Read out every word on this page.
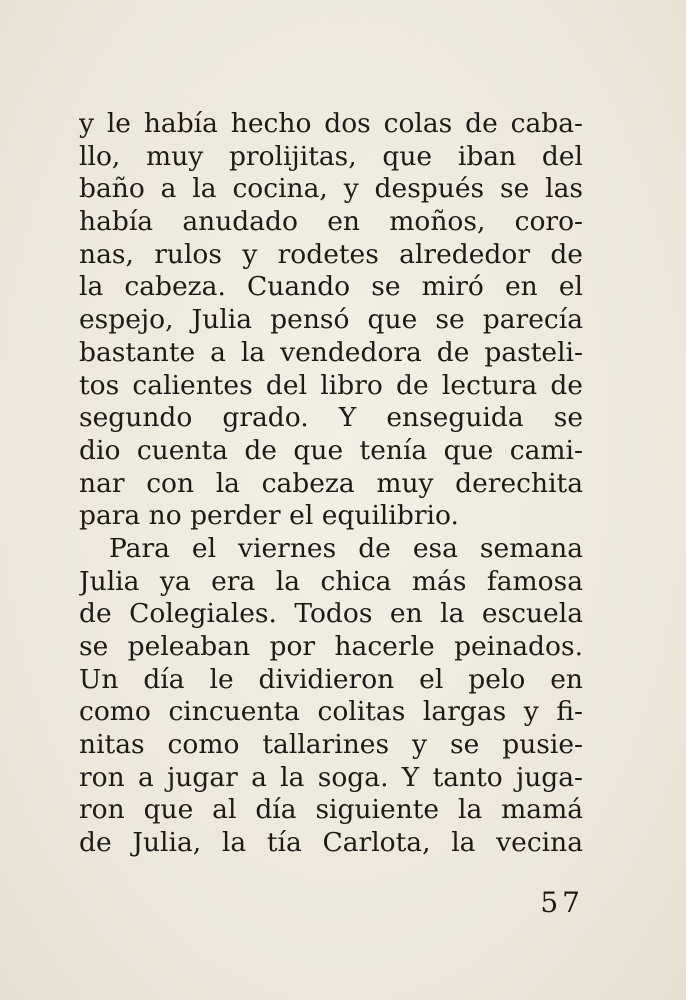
y le había hecho dos colas de caba-
llo, muy prolijitas, que iban del
baño a la cocina, y después se las
había anudado en moños, coro-
nas, rulos y rodetes alrededor de
la cabeza. Cuando se miró en el
espejo, Julia pensó que se parecía
bastante a la vendedora de pasteli-
tos calientes del libro de lectura de
segundo grado. Y enseguida se
dio cuenta de que tenía que cami-
nar con la cabeza muy derechita
para no perder el equilibrio.
Para el viernes de esa semana
Julia ya era la chica más famosa
de Colegiales. Todos en la escuela
se peleaban por hacerle peinados.
Un día le dividieron el pelo en
como cincuenta colitas largas y fi-
nitas como tallarines y se pusie-
ron a jugar a la soga. Y tanto juga-
ron que al día siguiente la mamá
de Julia, la tía Carlota, la vecina
57
